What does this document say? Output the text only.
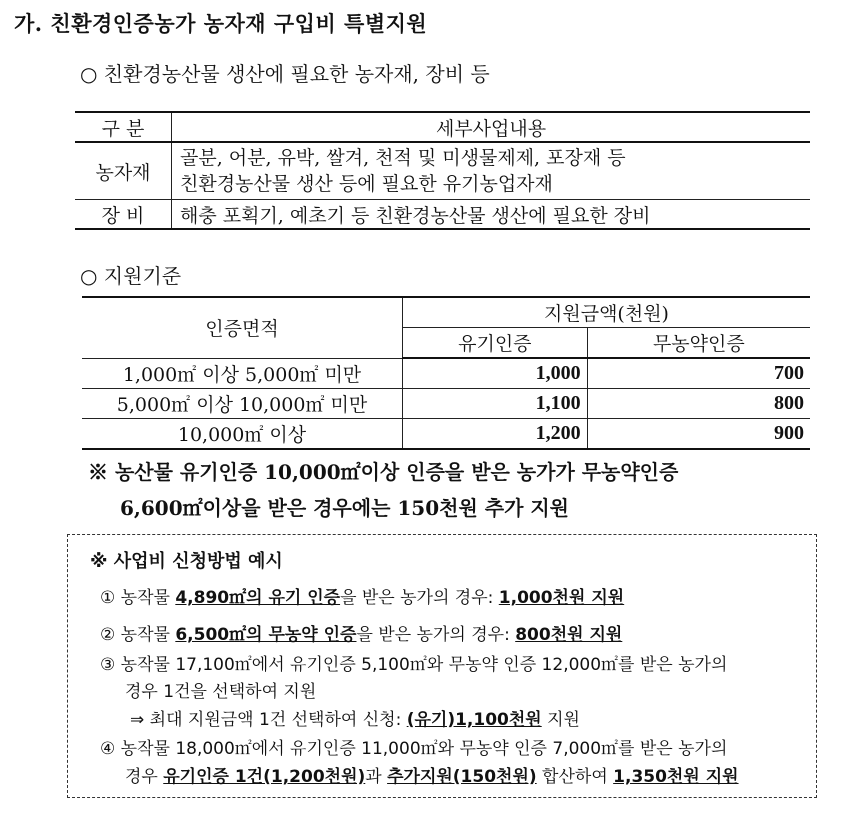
가. 친환경인증농가 농자재 구입비 특별지원
○ 친환경농산물 생산에 필요한 농자재, 장비 등
구 분	세부사업내용
농자재	골분, 어분, 유박, 쌀겨, 천적 및 미생물제제, 포장재 등
친환경농산물 생산 등에 필요한 유기농업자재

장 비	해충 포획기, 예초기 등 친환경농산물 생산에 필요한 장비
○ 지원기준
인증면적	지원금액(천원)	
	유기인증	무농약인증
1,000㎡ 이상 5,000㎡ 미만	1,000	700
5,000㎡ 이상 10,000㎡ 미만	1,100	800
10,000㎡ 이상	1,200	900
※ 농산물 유기인증 10,000㎡이상 인증을 받은 농가가 무농약인증
6,600㎡이상을 받은 경우에는 150천원 추가 지원
※ 사업비 신청방법 예시
① 농작물 4,890㎡의 유기 인증을 받은 농가의 경우: 1,000천원 지원
② 농작물 6,500㎡의 무농약 인증을 받은 농가의 경우: 800천원 지원
③ 농작물 17,100㎡에서 유기인증 5,100㎡와 무농약 인증 12,000㎡를 받은 농가의
경우 1건을 선택하여 지원
⇒ 최대 지원금액 1건 선택하여 신청: (유기)1,100천원 지원
④ 농작물 18,000㎡에서 유기인증 11,000㎡와 무농약 인증 7,000㎡를 받은 농가의
경우 유기인증 1건(1,200천원)과 추가지원(150천원) 합산하여 1,350천원 지원
